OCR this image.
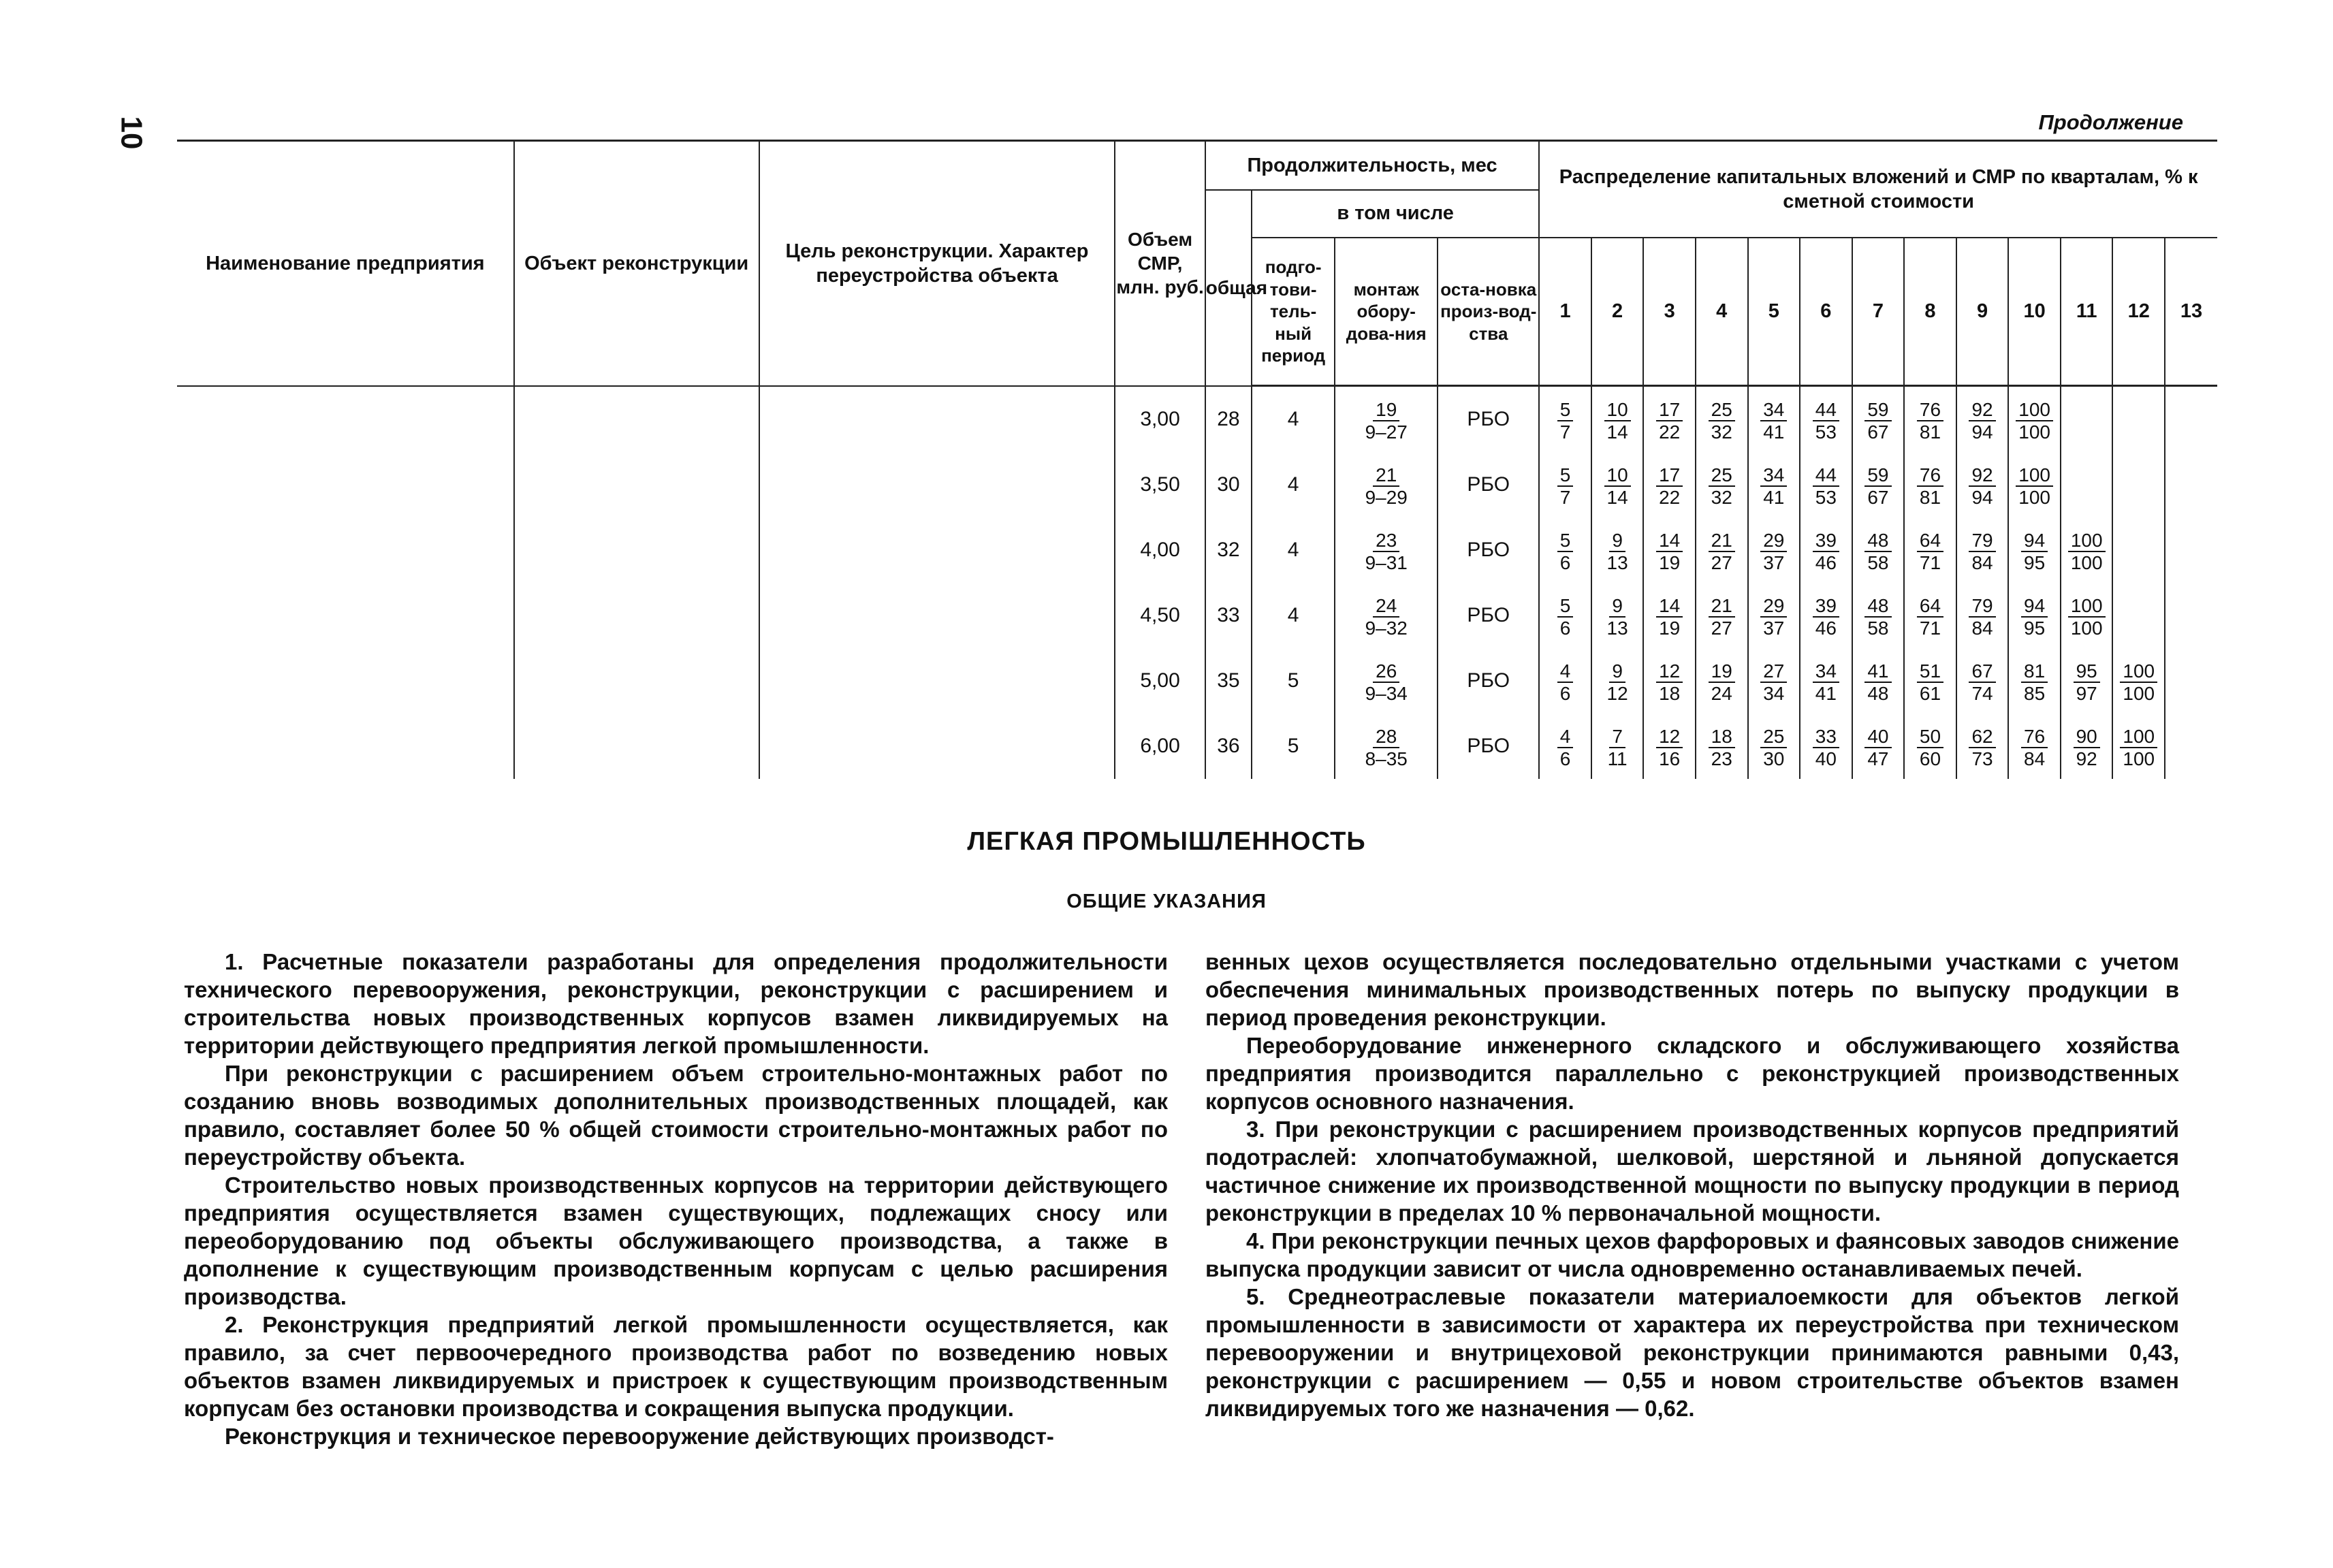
10	Продолжение
Наименование предприятия	Объект реконструкции	Цель реконструкции. Характер переустройства объекта	Объем СМР, млн. руб.	Продолжительность, мес				Распределение капитальных вложений и СМР по кварталам, % к сметной стоимости												
				общая	в том числе															
					подго-тови-тель-ный период	монтаж обору-дова-ния	оста-новка произ-вод-ства	1	2	3	4	5	6	7	8	9	10	11	12	13
			3,00	28	4	$\frac{19}{9-27}$	РБО	$\frac{5}{7}$	$\frac{10}{14}$	$\frac{17}{22}$	$\frac{25}{32}$	$\frac{34}{41}$	$\frac{44}{53}$	$\frac{59}{67}$	$\frac{76}{81}$	$\frac{92}{94}$	$\frac{100}{100}$

			3,50	30	4	$\frac{21}{9-29}$	РБО	$\frac{5}{7}$	$\frac{10}{14}$	$\frac{17}{22}$	$\frac{25}{32}$	$\frac{34}{41}$	$\frac{44}{53}$	$\frac{59}{67}$	$\frac{76}{81}$	$\frac{92}{94}$	$\frac{100}{100}$

			4,00	32	4	$\frac{23}{9-31}$	РБО	$\frac{5}{6}$	$\frac{9}{13}$	$\frac{14}{19}$	$\frac{21}{27}$	$\frac{29}{37}$	$\frac{39}{46}$	$\frac{48}{58}$	$\frac{64}{71}$	$\frac{79}{84}$	$\frac{94}{95}$	$\frac{100}{100}$

			4,50	33	4	$\frac{24}{9-32}$	РБО	$\frac{5}{6}$	$\frac{9}{13}$	$\frac{14}{19}$	$\frac{21}{27}$	$\frac{29}{37}$	$\frac{39}{46}$	$\frac{48}{58}$	$\frac{64}{71}$	$\frac{79}{84}$	$\frac{94}{95}$	$\frac{100}{100}$

			5,00	35	5	$\frac{26}{9-34}$	РБО	$\frac{4}{6}$	$\frac{9}{12}$	$\frac{12}{18}$	$\frac{19}{24}$	$\frac{27}{34}$	$\frac{34}{41}$	$\frac{41}{48}$	$\frac{51}{61}$	$\frac{67}{74}$	$\frac{81}{85}$	$\frac{95}{97}$	$\frac{100}{100}$

			6,00	36	5	$\frac{28}{8-35}$	РБО	$\frac{4}{6}$	$\frac{7}{11}$	$\frac{12}{16}$	$\frac{18}{23}$	$\frac{25}{30}$	$\frac{33}{40}$	$\frac{40}{47}$	$\frac{50}{60}$	$\frac{62}{73}$	$\frac{76}{84}$	$\frac{90}{92}$	$\frac{100}{100}$

ЛЕГКАЯ ПРОМЫШЛЕННОСТЬ
ОБЩИЕ УКАЗАНИЯ

1. Расчетные показатели разработаны для определения продолжительности технического перевооружения, реконструкции, реконструкции с расширением и строительства новых производственных корпусов взамен ликвидируемых на территории действующего предприятия легкой промышленности.

При реконструкции с расширением объем строительно-монтажных работ по созданию вновь возводимых дополнительных производственных площадей, как правило, составляет более 50 % общей стоимости строительно-монтажных работ по переустройству объекта.

Строительство новых производственных корпусов на территории действующего предприятия осуществляется взамен существующих, подлежащих сносу или переоборудованию под объекты обслуживающего производства, а также в дополнение к существующим производственным корпусам с целью расширения производства.

2. Реконструкция предприятий легкой промышленности осуществляется, как правило, за счет первоочередного производства работ по возведению новых объектов взамен ликвидируемых и пристроек к существующим производственным корпусам без остановки производства и сокращения выпуска продукции.

Реконструкция и техническое перевооружение действующих производст-

венных цехов осуществляется последовательно отдельными участками с учетом обеспечения минимальных производственных потерь по выпуску продукции в период проведения реконструкции.

Переоборудование инженерного складского и обслуживающего хозяйства предприятия производится параллельно с реконструкцией производственных корпусов основного назначения.

3. При реконструкции с расширением производственных корпусов предприятий подотраслей: хлопчатобумажной, шелковой, шерстяной и льняной допускается частичное снижение их производственной мощности по выпуску продукции в период реконструкции в пределах 10 % первоначальной мощности.

4. При реконструкции печных цехов фарфоровых и фаянсовых заводов снижение выпуска продукции зависит от числа одновременно останавливаемых печей.

5. Среднеотраслевые показатели материалоемкости для объектов легкой промышленности в зависимости от характера их переустройства при техническом перевооружении и внутрицеховой реконструкции принимаются равными 0,43, реконструкции с расширением — 0,55 и новом строительстве объектов взамен ликвидируемых того же назначения — 0,62.
